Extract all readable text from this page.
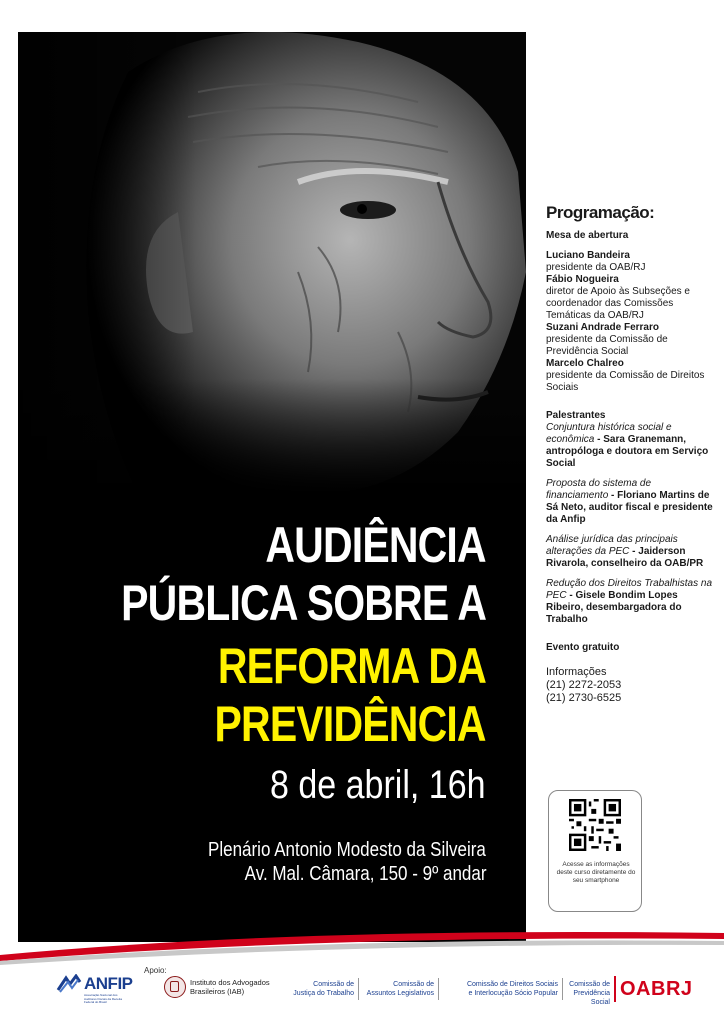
AUDIÊNCIA
PÚBLICA SOBRE A
REFORMA DA
PREVIDÊNCIA
8 de abril, 16h
Plenário Antonio Modesto da Silveira
Av. Mal. Câmara, 150 - 9º andar

Programação:

Mesa de abertura

Luciano Bandeira

presidente da OAB/RJ

Fábio Nogueira

diretor de Apoio às Subseções e coordenador das Comissões Temáticas da OAB/RJ

Suzani Andrade Ferraro

presidente da Comissão de Previdência Social

Marcelo Chalreo

presidente da Comissão de Direitos Sociais

Palestrantes

Conjuntura histórica social e econômica - Sara Granemann, antropóloga e doutora em Serviço Social

Proposta do sistema de financiamento - Floriano Martins de Sá Neto, auditor fiscal e presidente da Anfip

Análise jurídica das principais alterações da PEC - Jaiderson Rivarola, conselheiro da OAB/PR

Redução dos Direitos Trabalhistas na PEC - Gisele Bondim Lopes Ribeiro, desembargadora do Trabalho

Evento gratuito

Informações

(21) 2272-2053

(21) 2730-6525

Acesse as informações deste curso diretamente do seu smartphone
Apoio:
ANFIP
Associação Nacional dos Auditores Fiscais da Receita Federal do Brasil
Instituto dos Advogados
Brasileiros (IAB)
Comissão de
Justiça do Trabalho
Comissão de
Assuntos Legislativos
Comissão de Direitos Sociais
e Interlocução Sócio Popular
Comissão de
Previdência Social
OABRJ
